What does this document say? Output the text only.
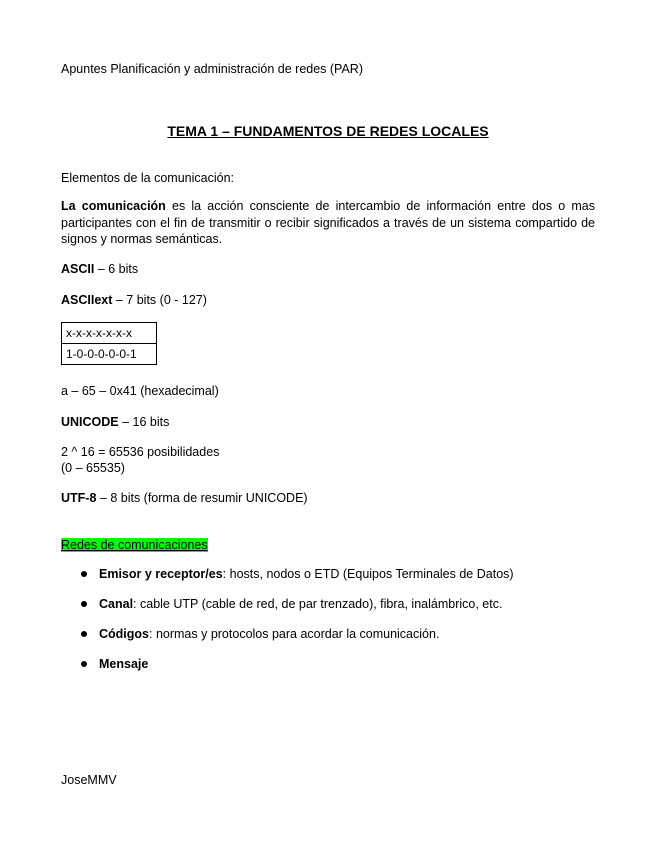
Apuntes Planificación y administración de redes (PAR)
TEMA 1 – FUNDAMENTOS DE REDES LOCALES
Elementos de la comunicación:
La comunicación es la acción consciente de intercambio de información entre dos o mas participantes con el fin de transmitir o recibir significados a través de un sistema compartido de signos y normas semánticas.
ASCII – 6 bits
ASCIIext – 7 bits (0 - 127)
x-x-x-x-x-x-x
1-0-0-0-0-0-1
a – 65 – 0x41 (hexadecimal)
UNICODE – 16 bits
2 ^ 16 = 65536 posibilidades
(0 – 65535)
UTF-8 – 8 bits (forma de resumir UNICODE)
Redes de comunicaciones
Emisor y receptor/es: hosts, nodos o ETD (Equipos Terminales de Datos)
Canal: cable UTP (cable de red, de par trenzado), fibra, inalámbrico, etc.
Códigos: normas y protocolos para acordar la comunicación.
Mensaje
JoseMMV
